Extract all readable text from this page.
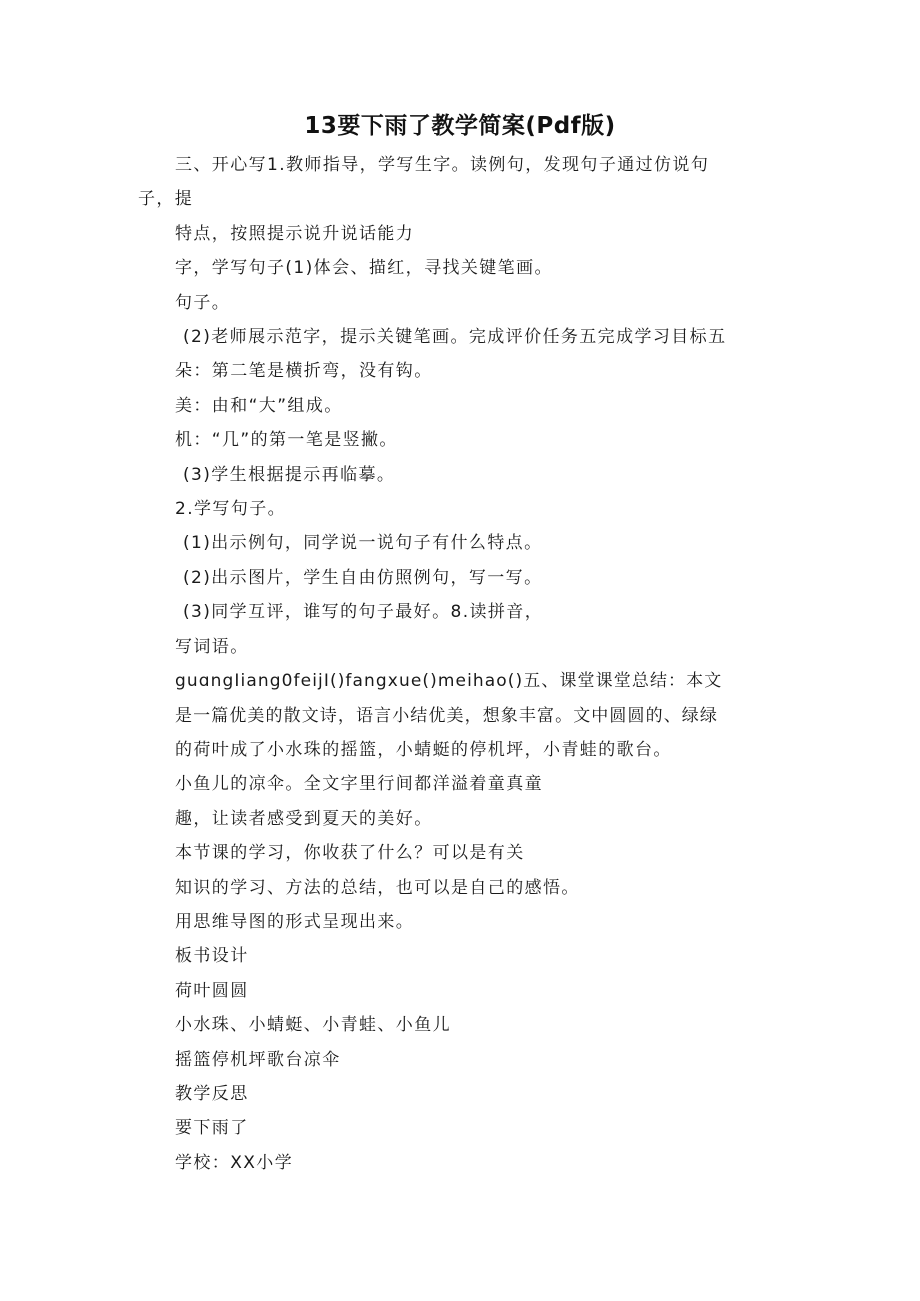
13要下雨了教学简案(Pdf版)
三、开心写1.教师指导，学写生字。读例句，发现句子通过仿说句
子，提
特点，按照提示说升说话能力
字，学写句子(1)体会、描红，寻找关键笔画。
句子。
(2)老师展示范字，提示关键笔画。完成评价任务五完成学习目标五
朵：第二笔是横折弯，没有钩。
美：由和“大”组成。
机：“几”的第一笔是竖撇。
(3)学生根据提示再临摹。
2.学写句子。
(1)出示例句，同学说一说句子有什么特点。
(2)出示图片，学生自由仿照例句，写一写。
(3)同学互评，谁写的句子最好。8.读拼音，
写词语。
guɑngIiang0feijI()fangxue()meihao()五、课堂课堂总结：本文
是一篇优美的散文诗，语言小结优美，想象丰富。文中圆圆的、绿绿
的荷叶成了小水珠的摇篮，小蜻蜓的停机坪，小青蛙的歌台。
小鱼儿的凉伞。全文字里行间都洋溢着童真童
趣，让读者感受到夏天的美好。
本节课的学习，你收获了什么？可以是有关
知识的学习、方法的总结，也可以是自己的感悟。
用思维导图的形式呈现出来。
板书设计
荷叶圆圆
小水珠、小蜻蜓、小青蛙、小鱼儿
摇篮停机坪歌台凉伞
教学反思
要下雨了
学校：XX小学
